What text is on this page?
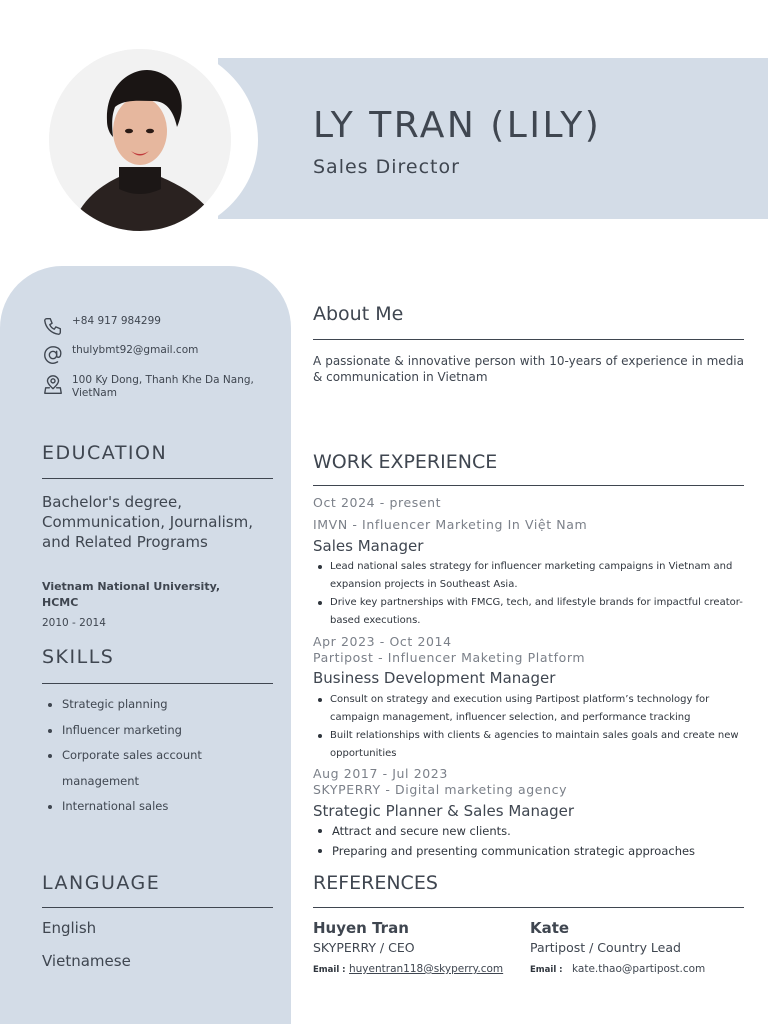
LY TRAN (LILY)
Sales Director
+84 917 984299
thulybmt92@gmail.com
100 Ky Dong, Thanh Khe Da Nang, VietNam
EDUCATION
Bachelor's degree, Communication, Journalism, and Related Programs
Vietnam National University, HCMC
2010 - 2014
SKILLS
Strategic planning
Influencer marketing
Corporate sales account management
International sales
LANGUAGE
English
Vietnamese
About Me
A passionate & innovative person with 10-years of experience in media & communication in Vietnam
WORK EXPERIENCE
Oct 2024 - present
IMVN - Influencer Marketing In Việt Nam
Sales Manager
Lead national sales strategy for influencer marketing campaigns in Vietnam and expansion projects in Southeast Asia.
Drive key partnerships with FMCG, tech, and lifestyle brands for impactful creator-based executions.
Apr 2023 - Oct 2014
Partipost - Influencer Maketing Platform
Business Development Manager
Consult on strategy and execution using Partipost platform’s technology for campaign management, influencer selection, and performance tracking
Built relationships with clients & agencies to maintain sales goals and create new opportunities
Aug 2017 - Jul 2023
SKYPERRY - Digital marketing agency
Strategic Planner & Sales Manager
Attract and secure new clients.
Preparing and presenting communication strategic approaches
REFERENCES
Huyen Tran
SKYPERRY / CEO
Email : huyentran118@skyperry.com
Kate
Partipost / Country Lead
Email : kate.thao@partipost.com
